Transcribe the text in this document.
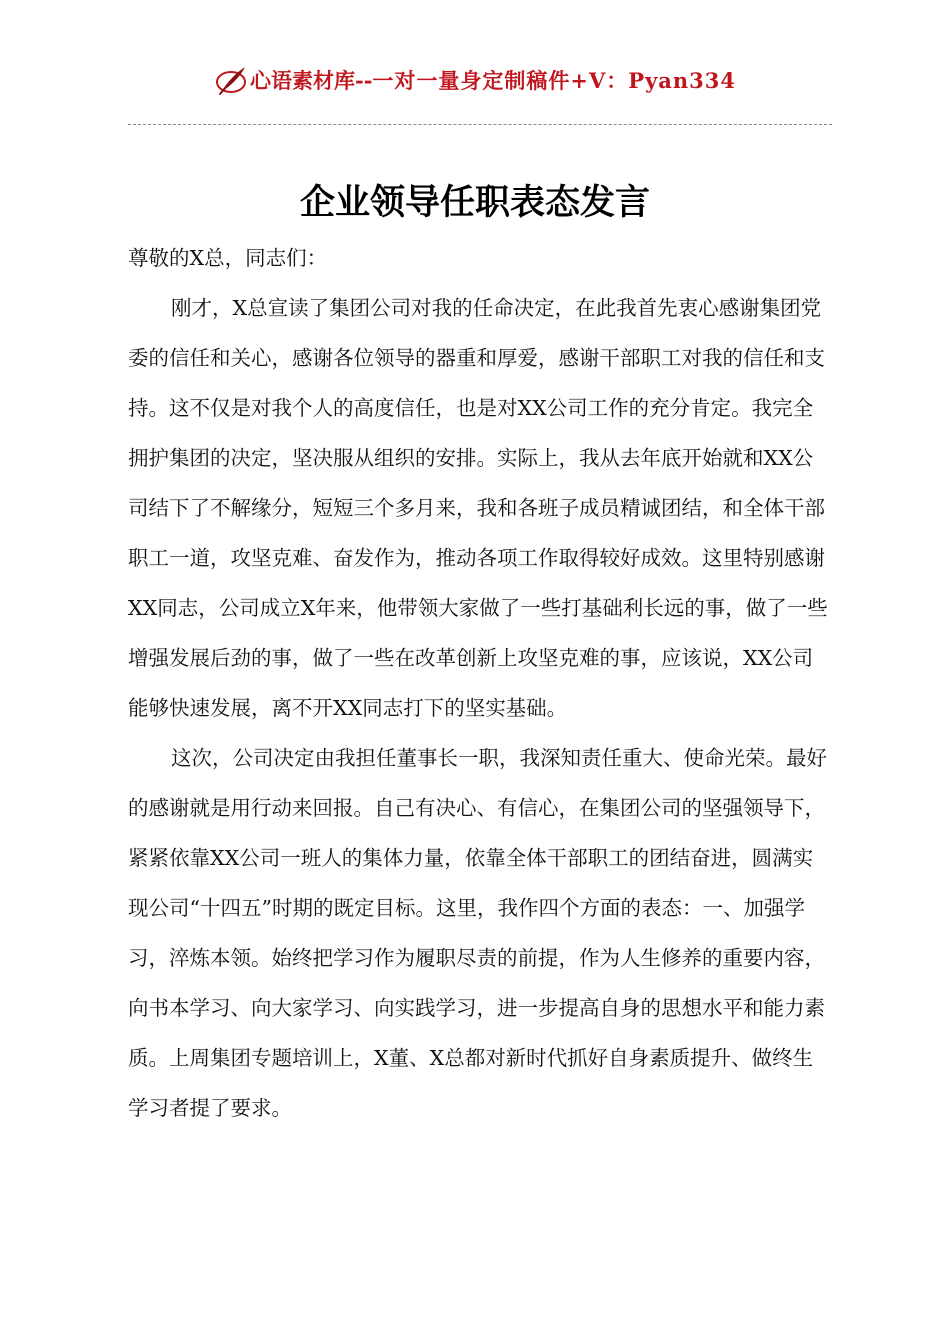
心语素材库-- 一对一量身定制稿件+V：Pyan334
企业领导任职表态发言

尊敬的X总，同志们：

刚才，X总宣读了集团公司对我的任命决定，在此我首先衷心感谢集团党委的信任和关心，感谢各位领导的器重和厚爱，感谢干部职工对我的信任和支持。这不仅是对我个人的高度信任，也是对XX公司工作的充分肯定。我完全拥护集团的决定，坚决服从组织的安排。实际上，我从去年底开始就和XX公司结下了不解缘分，短短三个多月来，我和各班子成员精诚团结，和全体干部职工一道，攻坚克难、奋发作为，推动各项工作取得较好成效。这里特别感谢XX同志，公司成立X年来，他带领大家做了一些打基础利长远的事，做了一些增强发展后劲的事，做了一些在改革创新上攻坚克难的事，应该说，XX公司能够快速发展，离不开XX同志打下的坚实基础。

这次，公司决定由我担任董事长一职，我深知责任重大、使命光荣。最好的感谢就是用行动来回报。自己有决心、有信心，在集团公司的坚强领导下，紧紧依靠XX公司一班人的集体力量，依靠全体干部职工的团结奋进，圆满实现公司“十四五”时期的既定目标。这里，我作四个方面的表态：一、加强学习，淬炼本领。始终把学习作为履职尽责的前提，作为人生修养的重要内容，向书本学习、向大家学习、向实践学习，进一步提高自身的思想水平和能力素质。上周集团专题培训上，X董、X总都对新时代抓好自身素质提升、做终生学习者提了要求。
